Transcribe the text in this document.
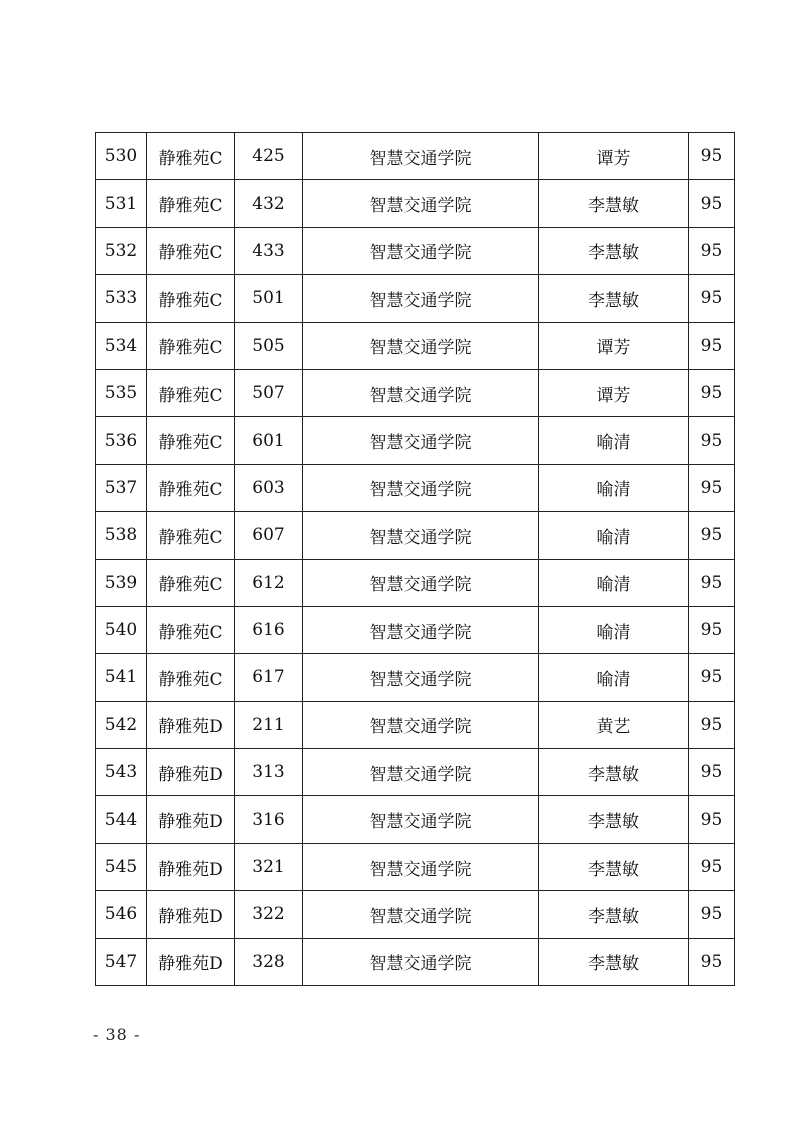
530	静雅苑C	425	智慧交通学院	谭芳	95
531	静雅苑C	432	智慧交通学院	李慧敏	95
532	静雅苑C	433	智慧交通学院	李慧敏	95
533	静雅苑C	501	智慧交通学院	李慧敏	95
534	静雅苑C	505	智慧交通学院	谭芳	95
535	静雅苑C	507	智慧交通学院	谭芳	95
536	静雅苑C	601	智慧交通学院	喻清	95
537	静雅苑C	603	智慧交通学院	喻清	95
538	静雅苑C	607	智慧交通学院	喻清	95
539	静雅苑C	612	智慧交通学院	喻清	95
540	静雅苑C	616	智慧交通学院	喻清	95
541	静雅苑C	617	智慧交通学院	喻清	95
542	静雅苑D	211	智慧交通学院	黄艺	95
543	静雅苑D	313	智慧交通学院	李慧敏	95
544	静雅苑D	316	智慧交通学院	李慧敏	95
545	静雅苑D	321	智慧交通学院	李慧敏	95
546	静雅苑D	322	智慧交通学院	李慧敏	95
547	静雅苑D	328	智慧交通学院	李慧敏	95
- 38 -
